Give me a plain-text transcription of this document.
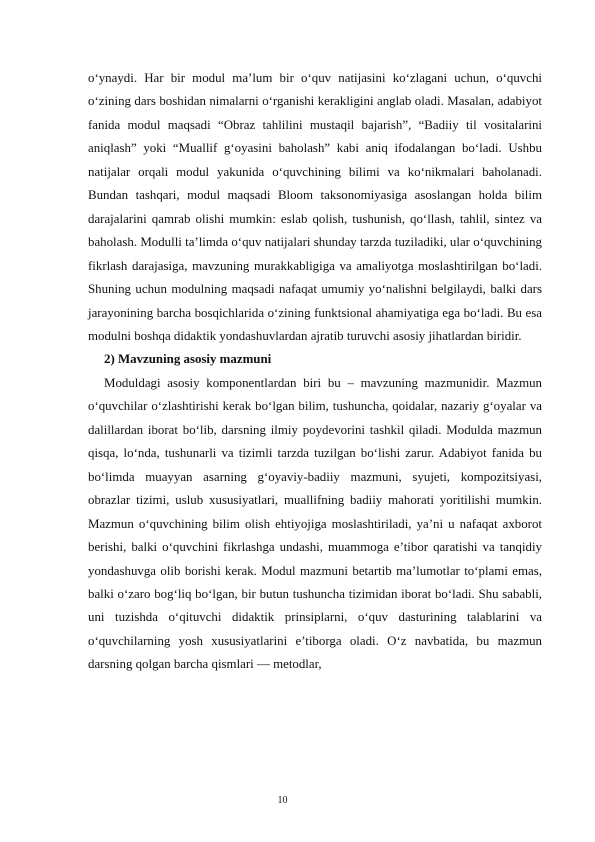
o‘ynaydi. Har bir modul ma’lum bir o‘quv natijasini ko‘zlagani uchun, o‘quvchi o‘zining dars boshidan nimalarni o‘rganishi kerakligini anglab oladi. Masalan, adabiyot fanida modul maqsadi “Obraz tahlilini mustaqil bajarish”, “Badiiy til vositalarini aniqlash” yoki “Muallif g‘oyasini baholash” kabi aniq ifodalangan bo‘ladi. Ushbu natijalar orqali modul yakunida o‘quvchining bilimi va ko‘nikmalari baholanadi. Bundan tashqari, modul maqsadi Bloom taksonomiyasiga asoslangan holda bilim darajalarini qamrab olishi mumkin: eslab qolish, tushunish, qo‘llash, tahlil, sintez va baholash. Modulli ta’limda o‘quv natijalari shunday tarzda tuziladiki, ular o‘quvchining fikrlash darajasiga, mavzuning murakkabligiga va amaliyotga moslashtirilgan bo‘ladi. Shuning uchun modulning maqsadi nafaqat umumiy yo‘nalishni belgilaydi, balki dars jarayonining barcha bosqichlarida o‘zining funktsional ahamiyatiga ega bo‘ladi. Bu esa modulni boshqa didaktik yondashuvlardan ajratib turuvchi asosiy jihatlardan biridir.

2) Mavzuning asosiy mazmuni

Moduldagi asosiy komponentlardan biri bu – mavzuning mazmunidir. Mazmun o‘quvchilar o‘zlashtirishi kerak bo‘lgan bilim, tushuncha, qoidalar, nazariy g‘oyalar va dalillardan iborat bo‘lib, darsning ilmiy poydevorini tashkil qiladi. Modulda mazmun qisqa, lo‘nda, tushunarli va tizimli tarzda tuzilgan bo‘lishi zarur. Adabiyot fanida bu bo‘limda muayyan asarning g‘oyaviy-badiiy mazmuni, syujeti, kompozitsiyasi, obrazlar tizimi, uslub xususiyatlari, muallifning badiiy mahorati yoritilishi mumkin. Mazmun o‘quvchining bilim olish ehtiyojiga moslashtiriladi, ya’ni u nafaqat axborot berishi, balki o‘quvchini fikrlashga undashi, muammoga e’tibor qaratishi va tanqidiy yondashuvga olib borishi kerak. Modul mazmuni betartib ma’lumotlar to‘plami emas, balki o‘zaro bog‘liq bo‘lgan, bir butun tushuncha tizimidan iborat bo‘ladi. Shu sababli, uni tuzishda o‘qituvchi didaktik prinsiplarni, o‘quv dasturining talablarini va o‘quvchilarning yosh xususiyatlarini e’tiborga oladi. O‘z navbatida, bu mazmun darsning qolgan barcha qismlari — metodlar,

10
